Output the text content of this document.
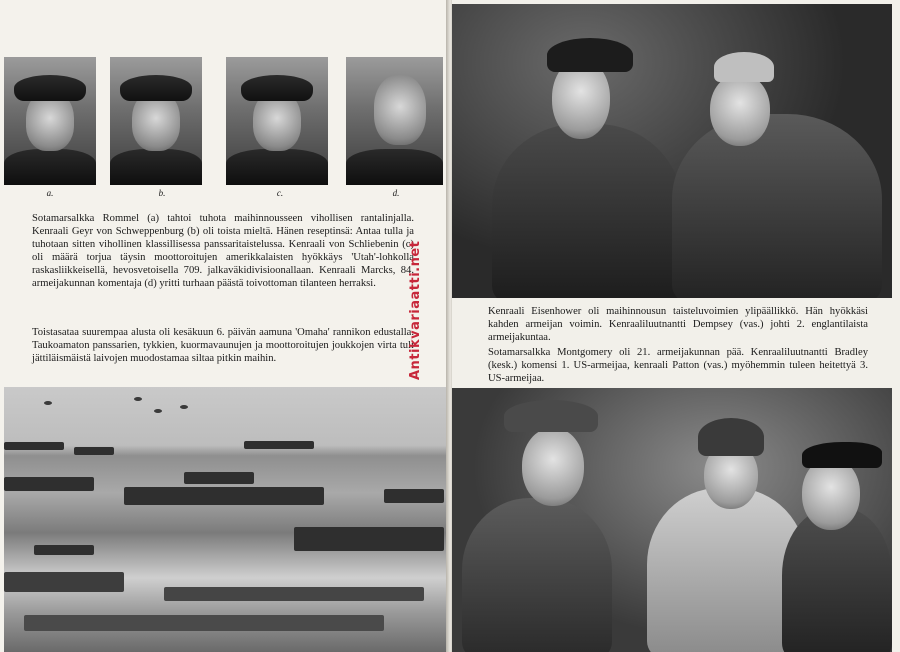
a.	b.	c.	d.

Sotamarsalkka Rommel (a) tahtoi tuhota maihinnousseen vihollisen rantalinjalla. Kenraali Geyr von Schweppenburg (b) oli toista mieltä. Hänen reseptinsä: Antaa tulla ja tuhotaan sitten vihollinen klassillisessa panssaritaistelussa. Kenraali von Schliebenin (c) oli määrä torjua täysin moottoroitujen amerikkalaisten hyökkäys 'Utah'-lohkolla raskasliikkeisellä, hevosvetoisella 709. jalkaväkidivisioonallaan. Kenraali Marcks, 84. armeijakunnan komentaja (d) yritti turhaan päästä toivottoman tilanteen herraksi.

Toistasataa suurempaa alusta oli kesäkuun 6. päivän aamuna 'Omaha' rannikon edustalla. Taukoamaton panssarien, tykkien, kuormavaunujen ja moottoroitujen joukkojen virta tuli jättiläismäistä laivojen muodostamaa siltaa pitkin maihin.

Kenraali Eisenhower oli maihinnousun taisteluvoimien ylipäällikkö. Hän hyökkäsi kahden armeijan voimin. Kenraaliluutnantti Dempsey (vas.) johti 2. englantilaista armeijakuntaa.

Sotamarsalkka Montgomery oli 21. armeijakunnan pää. Kenraaliluutnantti Bradley (kesk.) komensi 1. US-armeijaa, kenraali Patton (vas.) myöhemmin tuleen heitettyä 3. US-armeijaa.

Antikvariaatti.net
